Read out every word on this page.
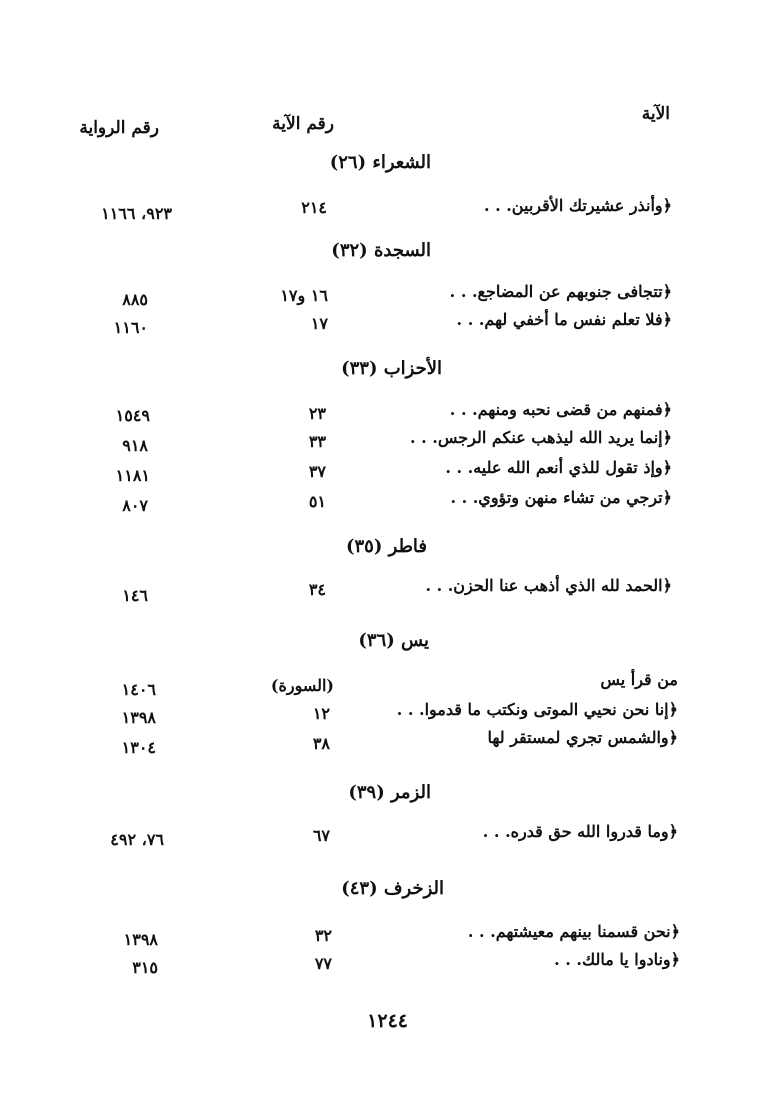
الآية
رقم الآية
رقم الرواية
الشعراء (٢٦)
﴿وأنذر عشيرتك الأقربين. . .
٢١٤
٩٢٣، ١١٦٦
السجدة (٣٢)
﴿تتجافى جنوبهم عن المضاجع. . .
١٦ و١٧
٨٨٥
﴿فلا تعلم نفس ما أخفي لهم. . .
١٧
١١٦٠
الأحزاب (٣٣)
﴿فمنهم من قضى نحبه ومنهم. . .
٢٣
١٥٤٩
﴿إنما يريد الله ليذهب عنكم الرجس. . .
٣٣
٩١٨
﴿وإذ تقول للذي أنعم الله عليه. . .
٣٧
١١٨١
﴿ترجي من تشاء منهن وتؤوي. . .
٥١
٨٠٧
فاطر (٣٥)
﴿الحمد لله الذي أذهب عنا الحزن. . .
٣٤
١٤٦
يس (٣٦)
من قرأ يس
(السورة)
١٤٠٦
﴿إنا نحن نحيي الموتى ونكتب ما قدموا. . .
١٢
١٣٩٨
﴿والشمس تجري لمستقر لها
٣٨
١٣٠٤
الزمر (٣٩)
﴿وما قدروا الله حق قدره. . .
٦٧
٧٦، ٤٩٢
الزخرف (٤٣)
﴿نحن قسمنا بينهم معيشتهم. . .
٣٢
١٣٩٨
﴿ونادوا يا مالك. . .
٧٧
٣١٥
١٢٤٤
